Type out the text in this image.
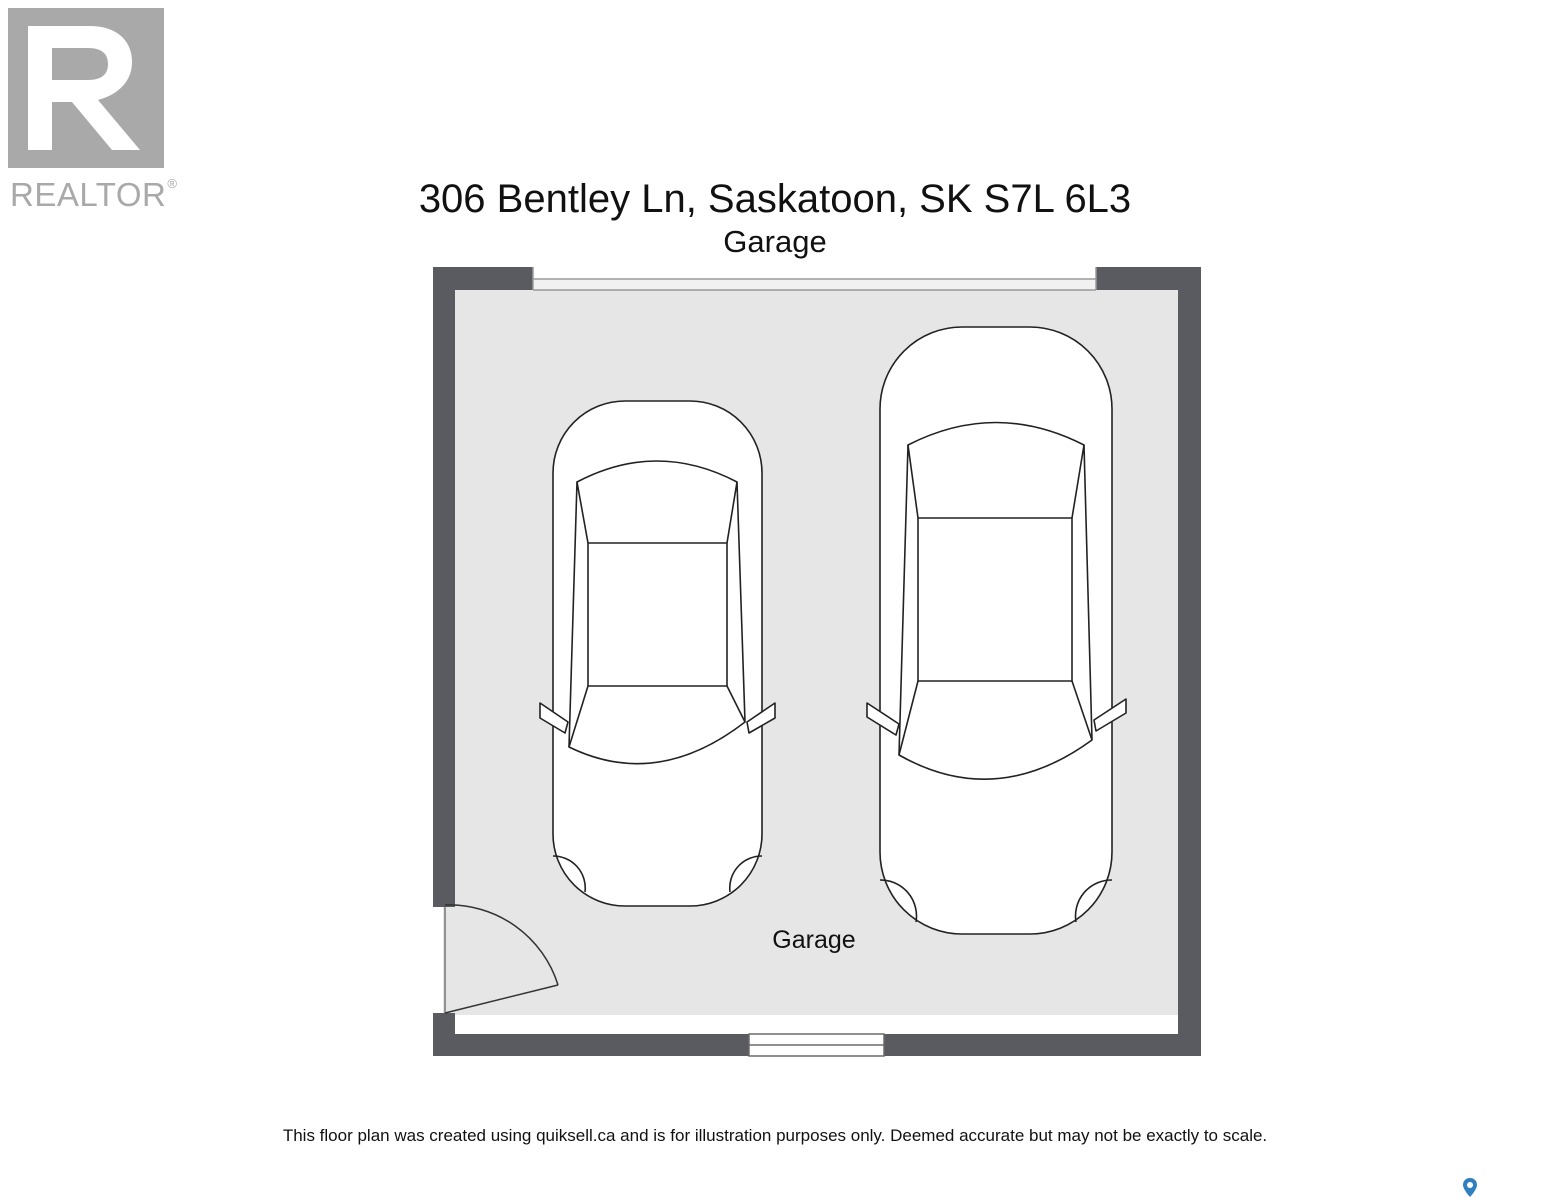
REALTOR®	306 Bentley Ln, Saskatoon, SK S7L 6L3
Garage
Garage
This floor plan was created using quiksell.ca and is for illustration purposes only. Deemed accurate but may not be exactly to scale.
